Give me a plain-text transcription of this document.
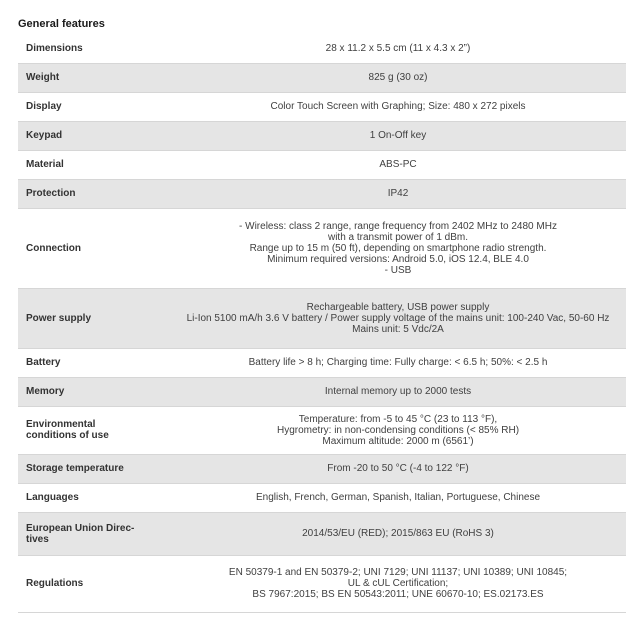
General features
Dimensions	28 x 11.2 x 5.5 cm (11 x 4.3 x 2”)

Weight	825 g (30 oz)

Display	Color Touch Screen with Graphing; Size: 480 x 272 pixels

Keypad	1 On-Off key

Material	ABS-PC

Protection	IP42

Connection	- Wireless: class 2 range, range frequency from 2402 MHz to 2480 MHz
with a transmit power of 1 dBm.
Range up to 15 m (50 ft), depending on smartphone radio strength.
Minimum required versions: Android 5.0, iOS 12.4, BLE 4.0
- USB

Power supply	Rechargeable battery, USB power supply
Li-Ion 5100 mA/h 3.6 V battery / Power supply voltage of the mains unit: 100-240 Vac, 50-60 Hz
Mains unit: 5 Vdc/2A

Battery	Battery life > 8 h; Charging time: Fully charge: < 6.5 h; 50%: < 2.5 h

Memory	Internal memory up to 2000 tests

Environmental
conditions of use	Temperature: from -5 to 45 °C (23 to 113 °F),
Hygrometry: in non-condensing conditions (< 85% RH)
Maximum altitude: 2000 m (6561’)

Storage temperature	From -20 to 50 °C (-4 to 122 °F)

Languages	English, French, German, Spanish, Italian, Portuguese, Chinese

European Union Direc-
tives	2014/53/EU (RED); 2015/863 EU (RoHS 3)

Regulations	EN 50379-1 and EN 50379-2; UNI 7129; UNI 11137; UNI 10389; UNI 10845;
UL & cUL Certification;
BS 7967:2015; BS EN 50543:2011; UNE 60670-10; ES.02173.ES
